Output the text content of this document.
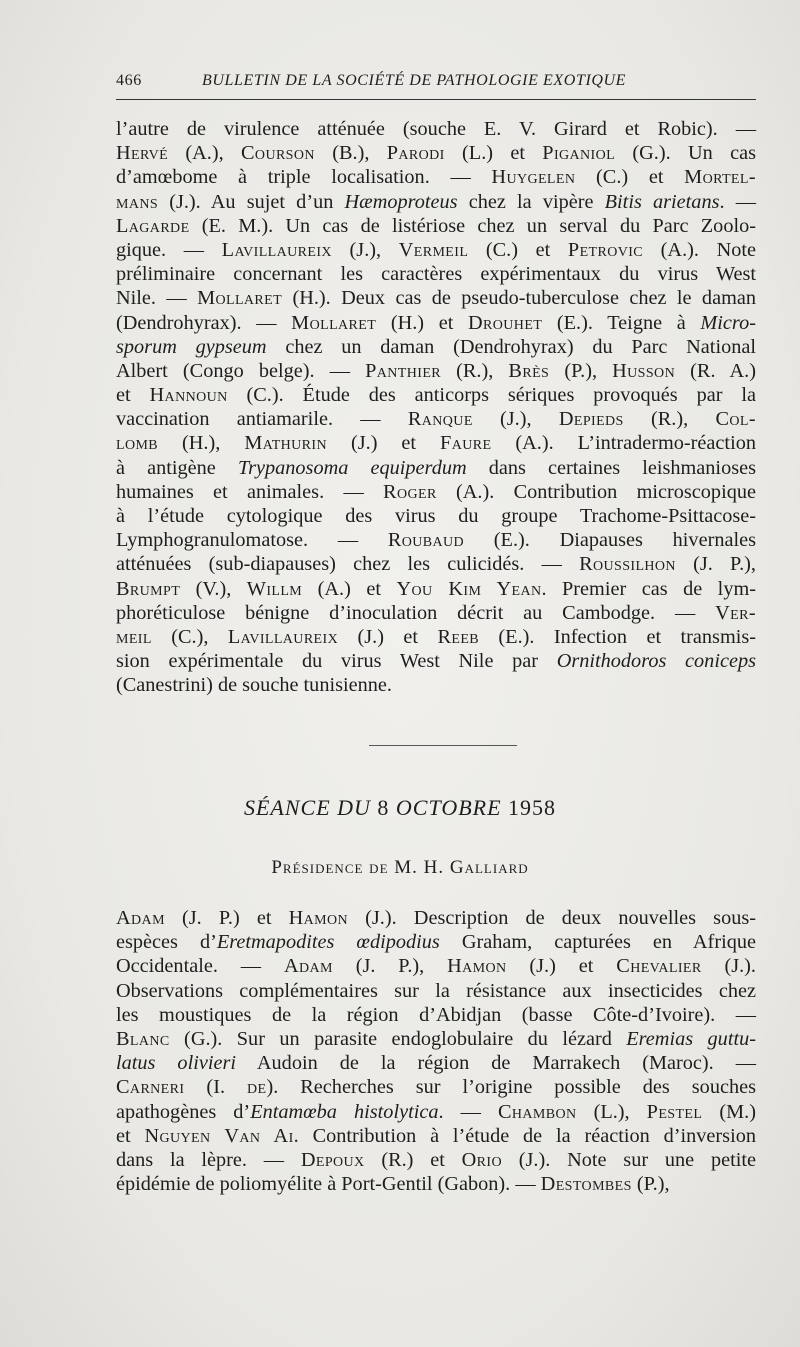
466	BULLETIN DE LA SOCIÉTÉ DE PATHOLOGIE EXOTIQUE
l’autre de virulence atténuée (souche E. V. Girard et Robic). —
Hervé (A.), Courson (B.), Parodi (L.) et Piganiol (G.). Un cas
d’amœbome à triple localisation. — Huygelen (C.) et Mortel-
mans (J.). Au sujet d’un Hæmoproteus chez la vipère Bitis arietans. —
Lagarde (E. M.). Un cas de listériose chez un serval du Parc Zoolo-
gique. — Lavillaureix (J.), Vermeil (C.) et Petrovic (A.). Note
préliminaire concernant les caractères expérimentaux du virus West
Nile. — Mollaret (H.). Deux cas de pseudo-tuberculose chez le daman
(Dendrohyrax). — Mollaret (H.) et Drouhet (E.). Teigne à Micro-
sporum gypseum chez un daman (Dendrohyrax) du Parc National
Albert (Congo belge). — Panthier (R.), Brès (P.), Husson (R. A.)
et Hannoun (C.). Étude des anticorps sériques provoqués par la
vaccination antiamarile. — Ranque (J.), Depieds (R.), Col-
lomb (H.), Mathurin (J.) et Faure (A.). L’intradermo-réaction
à antigène Trypanosoma equiperdum dans certaines leishmanioses
humaines et animales. — Roger (A.). Contribution microscopique
à l’étude cytologique des virus du groupe Trachome-Psittacose-
Lymphogranulomatose. — Roubaud (E.). Diapauses hivernales
atténuées (sub-diapauses) chez les culicidés. — Roussilhon (J. P.),
Brumpt (V.), Willm (A.) et You Kim Yean. Premier cas de lym-
phoréticulose bénigne d’inoculation décrit au Cambodge. — Ver-
meil (C.), Lavillaureix (J.) et Reeb (E.). Infection et transmis-
sion expérimentale du virus West Nile par Ornithodoros coniceps
(Canestrini) de souche tunisienne.
SÉANCE DU 8 OCTOBRE 1958
Présidence de M. H. Galliard
Adam (J. P.) et Hamon (J.). Description de deux nouvelles sous-
espèces d’Eretmapodites œdipodius Graham, capturées en Afrique
Occidentale. — Adam (J. P.), Hamon (J.) et Chevalier (J.).
Observations complémentaires sur la résistance aux insecticides chez
les moustiques de la région d’Abidjan (basse Côte-d’Ivoire). —
Blanc (G.). Sur un parasite endoglobulaire du lézard Eremias guttu-
latus olivieri Audoin de la région de Marrakech (Maroc). —
Carneri (I. de). Recherches sur l’origine possible des souches
apathogènes d’Entamœba histolytica. — Chambon (L.), Pestel (M.)
et Nguyen Van Ai. Contribution à l’étude de la réaction d’inversion
dans la lèpre. — Depoux (R.) et Orio (J.). Note sur une petite
épidémie de poliomyélite à Port-Gentil (Gabon). — Destombes (P.),
